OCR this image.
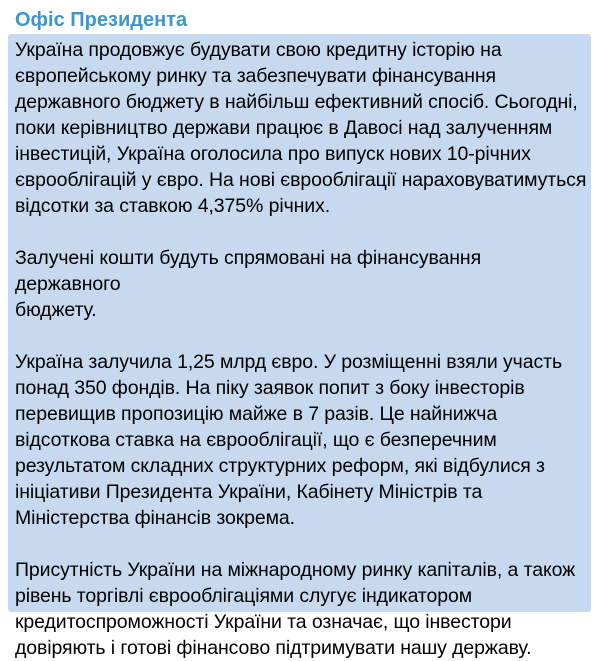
Офіс Президента

Україна продовжує будувати свою кредитну історію на
європейському ринку та забезпечувати фінансування
державного бюджету в найбільш ефективний спосіб. Сьогодні,
поки керівництво держави працює в Давосі над залученням
інвестицій, Україна оголосила про випуск нових 10-річних
єврооблігацій у євро. На нові єврооблігації нараховуватимуться
відсотки за ставкою 4,375% річних.

Залучені кошти будуть спрямовані на фінансування державного
бюджету.

Україна залучила 1,25 млрд євро. У розміщенні взяли участь
понад 350 фондів. На піку заявок попит з боку інвесторів
перевищив пропозицію майже в 7 разів. Це найнижча
відсоткова ставка на єврооблігації, що є безперечним
результатом складних структурних реформ, які відбулися з
ініціативи Президента України, Кабінету Міністрів та
Міністерства фінансів зокрема.

Присутність України на міжнародному ринку капіталів, а також
рівень торгівлі єврооблігаціями слугує індикатором
кредитоспроможності України та означає, що інвестори
довіряють і готові фінансово підтримувати нашу державу.
